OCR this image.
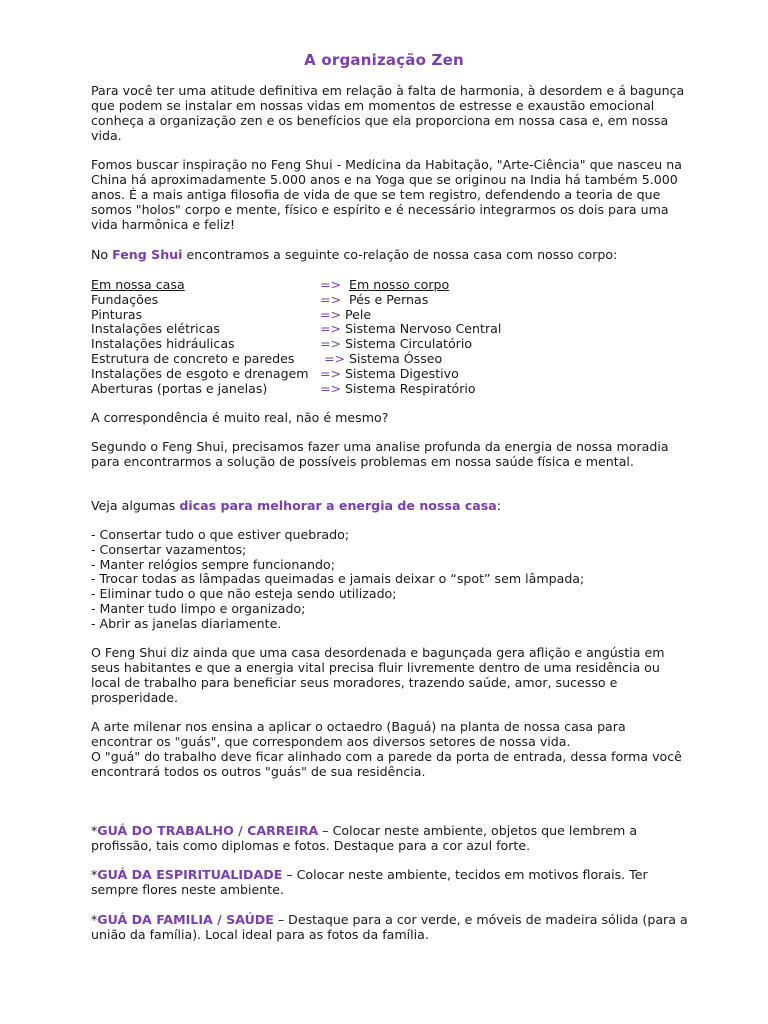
A organização Zen

Para você ter uma atitude definitiva em relação à falta de harmonia, à desordem e á bagunça que podem se instalar em nossas vidas em momentos de estresse e exaustão emocional conheça a organização zen e os benefícios que ela proporciona em nossa casa e, em nossa vida.

Fomos buscar inspiração no Feng Shui - Medicina da Habitação, "Arte-Ciência" que nasceu na China há aproximadamente 5.000 anos e na Yoga que se originou na India há também 5.000 anos. É a mais antiga filosofia de vida de que se tem registro, defendendo a teoria de que somos "holos" corpo e mente, físico e espírito e é necessário integrarmos os dois para uma vida harmônica e feliz!

No Feng Shui encontramos a seguinte co-relação de nossa casa com nosso corpo:

Em nossa casa	=> Em nosso corpo
Fundações	=> Pés e Pernas
Pinturas	=> Pele
Instalações elétricas	=> Sistema Nervoso Central
Instalações hidráulicas	=> Sistema Circulatório
Estrutura de concreto e paredes	=> Sistema Ósseo
Instalações de esgoto e drenagem => Sistema Digestivo
Aberturas (portas e janelas)	=> Sistema Respiratório

A correspondência é muito real, não é mesmo?

Segundo o Feng Shui, precisamos fazer uma analise profunda da energia de nossa moradia para encontrarmos a solução de possíveis problemas em nossa saúde física e mental.

Veja algumas dicas para melhorar a energia de nossa casa:

- Consertar tudo o que estiver quebrado;
- Consertar vazamentos;
- Manter relógios sempre funcionando;
- Trocar todas as lâmpadas queimadas e jamais deixar o “spot” sem lâmpada;
- Eliminar tudo o que não esteja sendo utilizado;
- Manter tudo limpo e organizado;
- Abrir as janelas diariamente.

O Feng Shui diz ainda que uma casa desordenada e bagunçada gera aflição e angústia em seus habitantes e que a energia vital precisa fluir livremente dentro de uma residência ou local de trabalho para beneficiar seus moradores, trazendo saúde, amor, sucesso e prosperidade.

A arte milenar nos ensina a aplicar o octaedro (Baguá) na planta de nossa casa para encontrar os "guás", que correspondem aos diversos setores de nossa vida.

O "guá" do trabalho deve ficar alinhado com a parede da porta de entrada, dessa forma você encontrará todos os outros "guás" de sua residência.

*GUÁ DO TRABALHO / CARREIRA – Colocar neste ambiente, objetos que lembrem a profissão, tais como diplomas e fotos. Destaque para a cor azul forte.

*GUÁ DA ESPIRITUALIDADE – Colocar neste ambiente, tecidos em motivos florais. Ter sempre flores neste ambiente.

*GUÁ DA FAMILIA / SAÚDE – Destaque para a cor verde, e móveis de madeira sólida (para a união da família). Local ideal para as fotos da família.
